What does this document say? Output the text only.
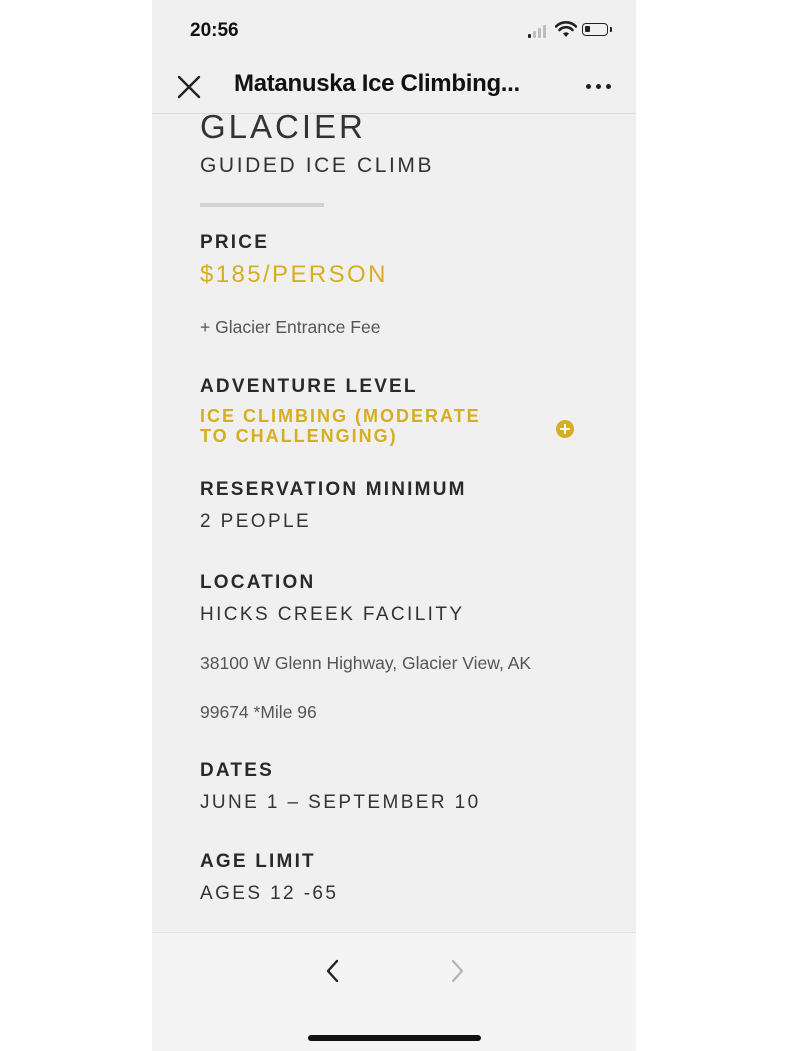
20:56
Matanuska Ice Climbing...
GLACIER
GUIDED ICE CLIMB
PRICE
$185/PERSON
+ Glacier Entrance Fee
ADVENTURE LEVEL
ICE CLIMBING (MODERATE
TO CHALLENGING)
RESERVATION MINIMUM
2 PEOPLE
LOCATION
HICKS CREEK FACILITY
38100 W Glenn Highway, Glacier View, AK
99674 *Mile 96
DATES
JUNE 1 – SEPTEMBER 10
AGE LIMIT
AGES 12 -65
